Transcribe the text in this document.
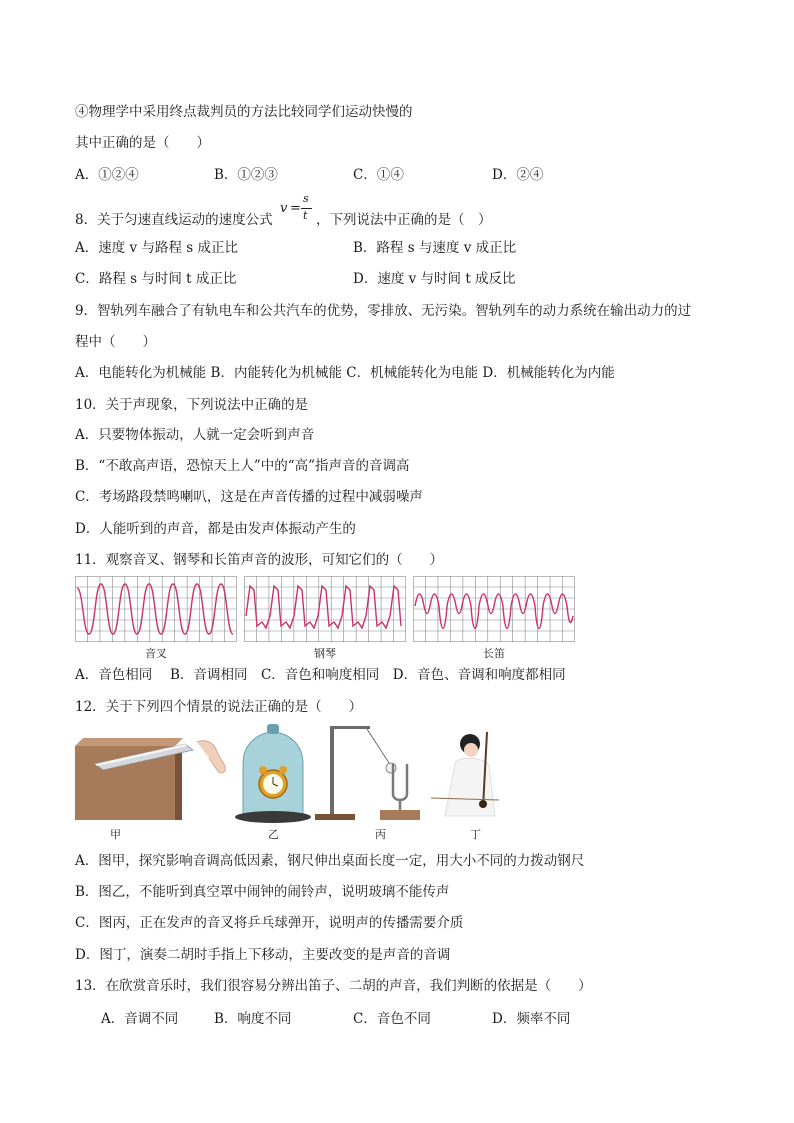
④物理学中采用终点裁判员的方法比较同学们运动快慢的
其中正确的是（　　）
A．①②④	B．①②③	C．①④	D．②④
8．关于匀速直线运动的速度公式
v =
s
t ，下列说法中正确的是（　）
A．速度 v 与路程 s 成正比	B．路程 s 与速度 v 成正比
C．路程 s 与时间 t 成正比	D．速度 v 与时间 t 成反比
9．智轨列车融合了有轨电车和公共汽车的优势，零排放、无污染。智轨列车的动力系统在输出动力的过
程中（　　）
A．电能转化为机械能 B．内能转化为机械能 C．机械能转化为电能 D．机械能转化为内能
10．关于声现象，下列说法中正确的是
A．只要物体振动，人就一定会听到声音
B．“不敢高声语，恐惊天上人”中的“高”指声音的音调高
C．考场路段禁鸣喇叭，这是在声音传播的过程中减弱噪声
D．人能听到的声音，都是由发声体振动产生的
11．观察音叉、钢琴和长笛声音的波形，可知它们的（　　）
音叉	钢琴	长笛
A．音色相同　 B．音调相同　C．音色和响度相同　D．音色、音调和响度都相同
12．关于下列四个情景的说法正确的是（　　）
甲	乙	丙	丁
A．图甲，探究影响音调高低因素，钢尺伸出桌面长度一定，用大小不同的力拨动钢尺
B．图乙，不能听到真空罩中闹钟的闹铃声，说明玻璃不能传声
C．图丙，正在发声的音叉将乒乓球弹开，说明声的传播需要介质
D．图丁，演奏二胡时手指上下移动，主要改变的是声音的音调
13．在欣赏音乐时，我们很容易分辨出笛子、二胡的声音，我们判断的依据是（　　）
A．音调不同	B．响度不同	C．音色不同	D．频率不同
